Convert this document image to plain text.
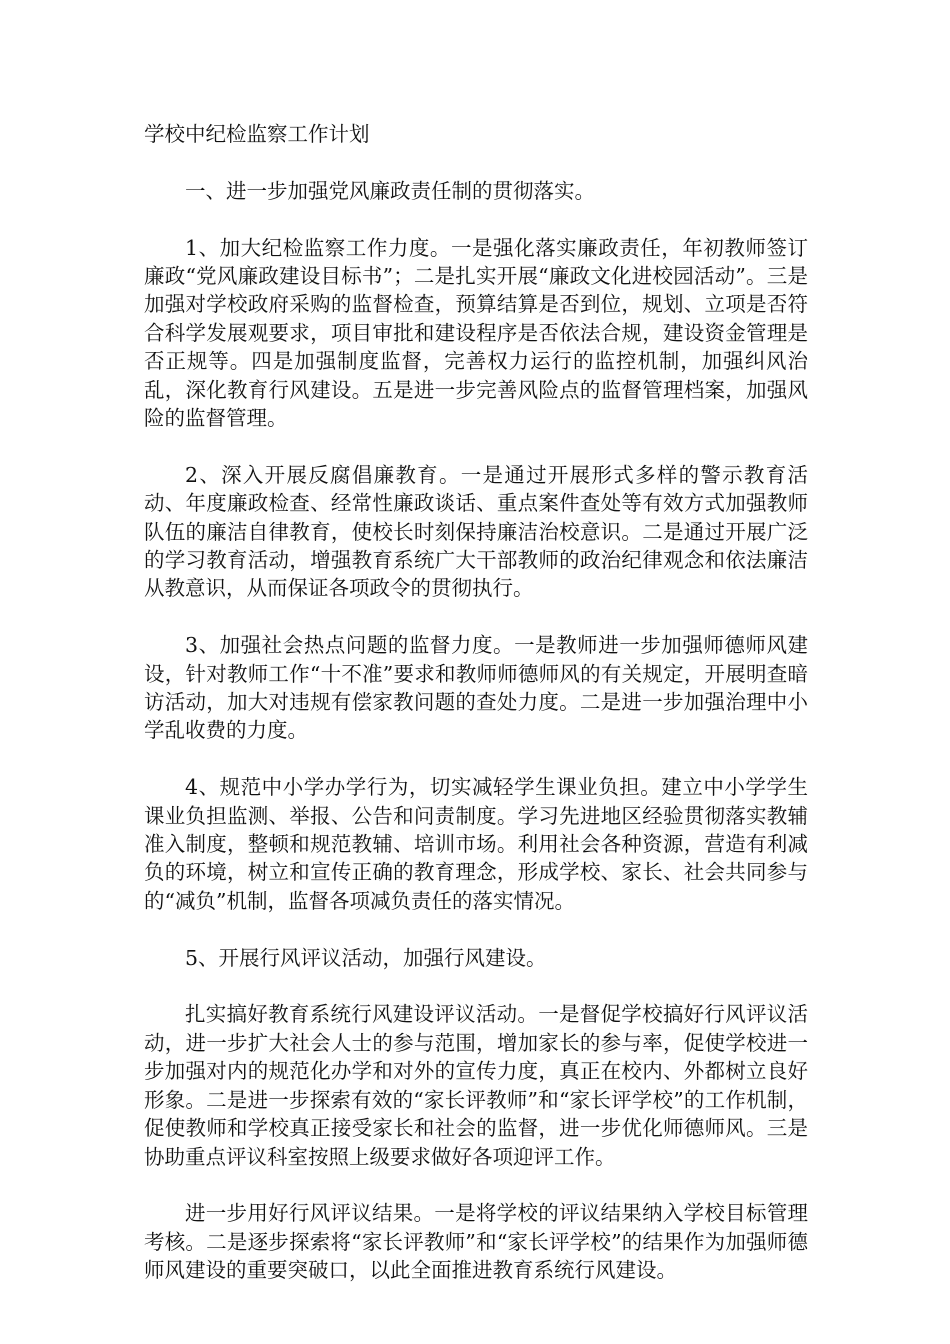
学校中纪检监察工作计划

一、进一步加强党风廉政责任制的贯彻落实。

1、加大纪检监察工作力度。一是强化落实廉政责任，年初教师签订廉政“党风廉政建设目标书”；二是扎实开展“廉政文化进校园活动”。三是加强对学校政府采购的监督检查，预算结算是否到位，规划、立项是否符合科学发展观要求，项目审批和建设程序是否依法合规，建设资金管理是否正规等。四是加强制度监督，完善权力运行的监控机制，加强纠风治乱，深化教育行风建设。五是进一步完善风险点的监督管理档案，加强风险的监督管理。

2、深入开展反腐倡廉教育。一是通过开展形式多样的警示教育活动、年度廉政检查、经常性廉政谈话、重点案件查处等有效方式加强教师队伍的廉洁自律教育，使校长时刻保持廉洁治校意识。二是通过开展广泛的学习教育活动，增强教育系统广大干部教师的政治纪律观念和依法廉洁从教意识，从而保证各项政令的贯彻执行。

3、加强社会热点问题的监督力度。一是教师进一步加强师德师风建设，针对教师工作“十不准”要求和教师师德师风的有关规定，开展明查暗访活动，加大对违规有偿家教问题的查处力度。二是进一步加强治理中小学乱收费的力度。

4、规范中小学办学行为，切实减轻学生课业负担。建立中小学学生课业负担监测、举报、公告和问责制度。学习先进地区经验贯彻落实教辅准入制度，整顿和规范教辅、培训市场。利用社会各种资源，营造有利减负的环境，树立和宣传正确的教育理念，形成学校、家长、社会共同参与的“减负”机制，监督各项减负责任的落实情况。

5、开展行风评议活动，加强行风建设。

扎实搞好教育系统行风建设评议活动。一是督促学校搞好行风评议活动，进一步扩大社会人士的参与范围，增加家长的参与率，促使学校进一步加强对内的规范化办学和对外的宣传力度，真正在校内、外都树立良好形象。二是进一步探索有效的“家长评教师”和“家长评学校”的工作机制，促使教师和学校真正接受家长和社会的监督，进一步优化师德师风。三是协助重点评议科室按照上级要求做好各项迎评工作。

进一步用好行风评议结果。一是将学校的评议结果纳入学校目标管理考核。二是逐步探索将“家长评教师”和“家长评学校”的结果作为加强师德师风建设的重要突破口，以此全面推进教育系统行风建设。
